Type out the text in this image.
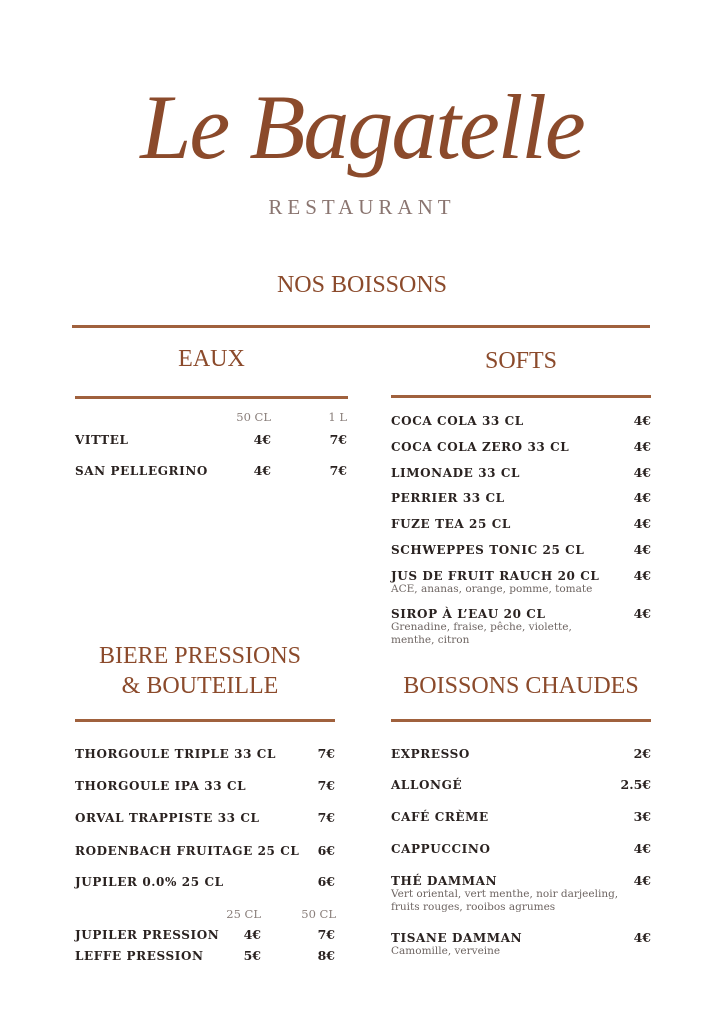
Le Bagatelle
RESTAURANT
NOS BOISSONS
EAUX	SOFTS
BIERE PRESSIONS
& BOUTEILLE	BOISSONS CHAUDES
50 CL	1 L
VITTEL	4€	7€
SAN PELLEGRINO	4€	7€
COCA COLA 33 CL	4€
COCA COLA ZERO 33 CL	4€
LIMONADE 33 CL	4€
PERRIER 33 CL	4€
FUZE TEA 25 CL	4€
SCHWEPPES TONIC 25 CL	4€
JUS DE FRUIT RAUCH 20 CL	4€
ACE, ananas, orange, pomme, tomate
SIROP À L’EAU 20 CL	4€
Grenadine, fraise, pêche, violette, menthe, citron
THORGOULE TRIPLE 33 CL	7€
THORGOULE IPA 33 CL	7€
ORVAL TRAPPISTE 33 CL	7€
RODENBACH FRUITAGE 25 CL	6€
JUPILER 0.0% 25 CL	6€
25 CL	50 CL
JUPILER PRESSION	4€	7€
LEFFE PRESSION	5€	8€
EXPRESSO	2€
ALLONGÉ	2.5€
CAFÉ CRÈME	3€
CAPPUCCINO	4€
THÉ DAMMAN	4€
Vert oriental, vert menthe, noir darjeeling, fruits rouges, rooibos agrumes
TISANE DAMMAN	4€
Camomille, verveine
